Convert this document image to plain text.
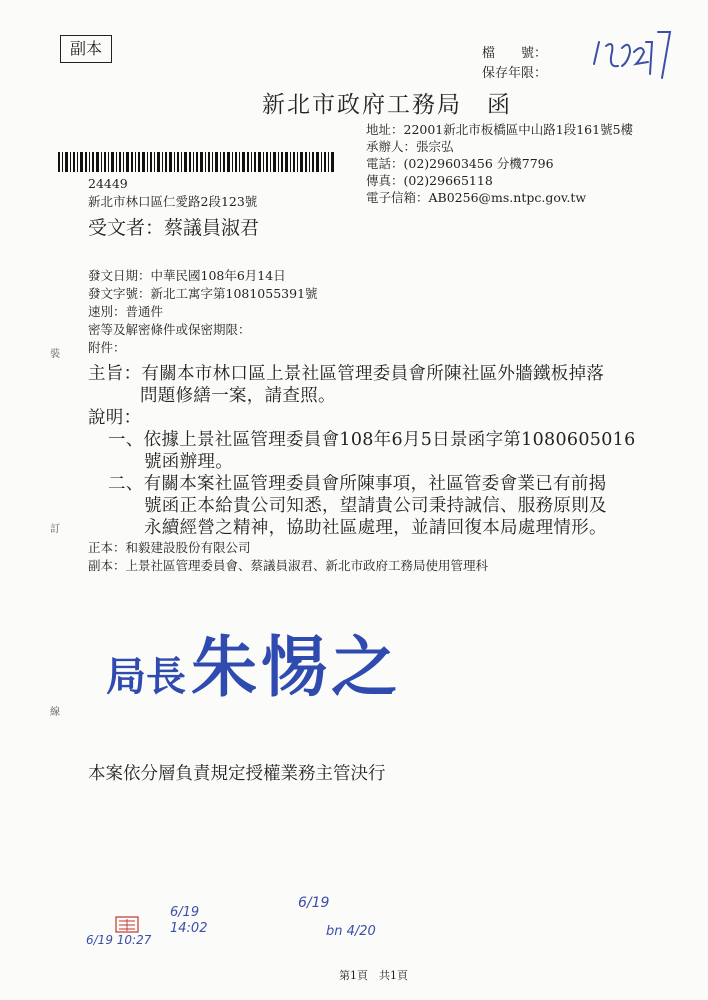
副本	檔　　號：
保存年限：
新北市政府工務局　函
地址：22001新北市板橋區中山路1段161號5樓
承辦人：張宗弘
電話：(02)29603456 分機7796
傳真：(02)29665118
電子信箱：AB0256@ms.ntpc.gov.tw
24449
新北市林口區仁愛路2段123號
受文者：蔡議員淑君
發文日期：中華民國108年6月14日
發文字號：新北工寓字第1081055391號
速別：普通件
密等及解密條件或保密期限：
附件：
裝
訂
線
主旨：有關本市林口區上景社區管理委員會所陳社區外牆鐵板掉落
問題修繕一案，請查照。
說明：
一、依據上景社區管理委員會108年6月5日景函字第1080605016
號函辦理。
二、有關本案社區管理委員會所陳事項，社區管委會業已有前揭
號函正本給貴公司知悉，望請貴公司秉持誠信、服務原則及
永續經營之精神，協助社區處理，並請回復本局處理情形。
正本：和毅建設股份有限公司
副本：上景社區管理委員會、蔡議員淑君、新北市政府工務局使用管理科
局長 朱惕之
本案依分層負責規定授權業務主管決行
6/19 10:27
6/19 14:02
6/19
bn 4/20
第1頁　共1頁
